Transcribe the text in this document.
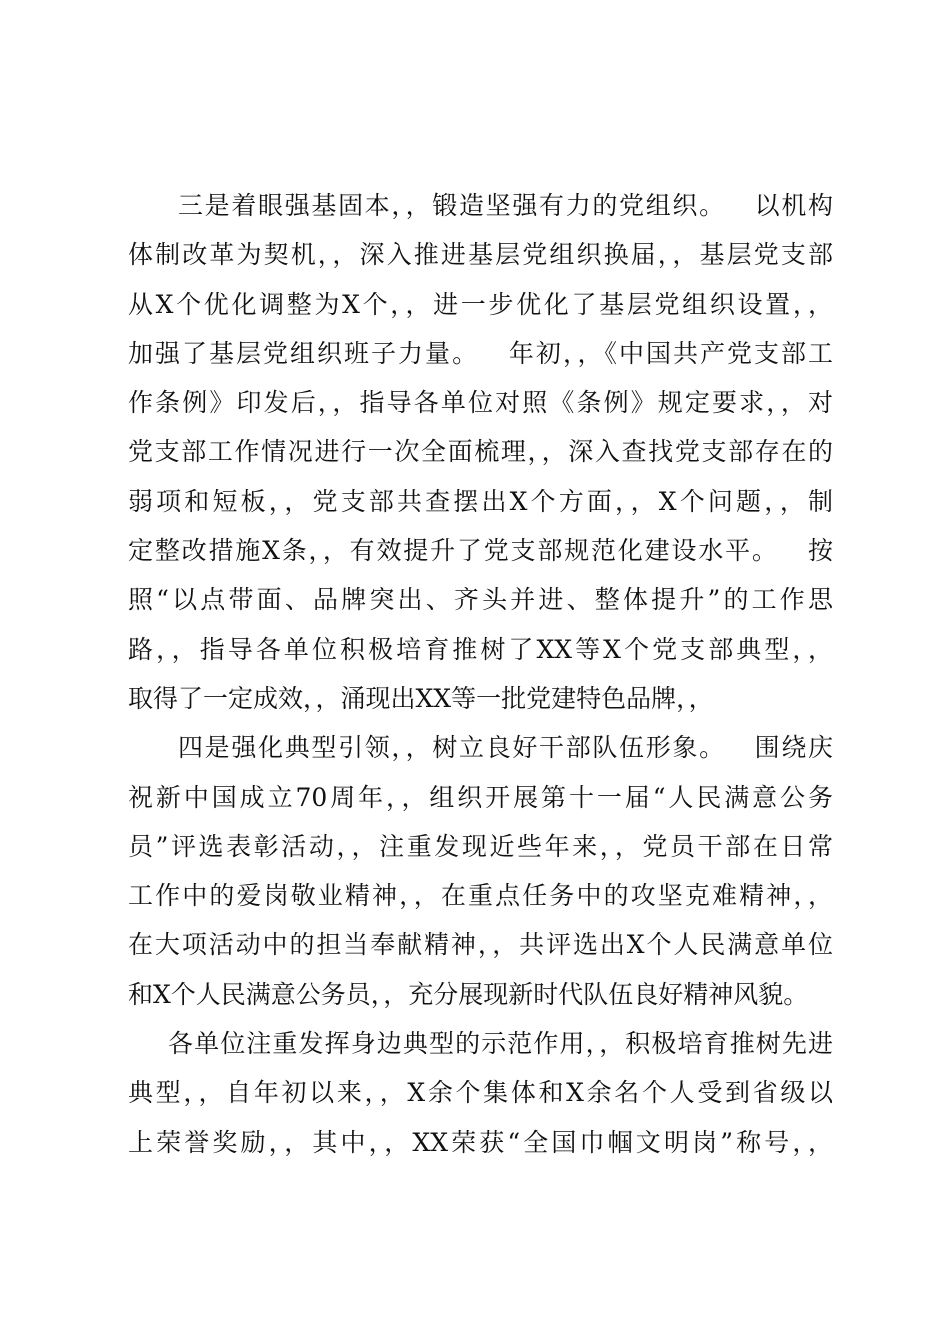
三是着眼强基固本，，锻造坚强有力的党组织。   以机构
体制改革为契机，，深入推进基层党组织换届，，基层党支部
从X个优化调整为X个，，进一步优化了基层党组织设置，，
加强了基层党组织班子力量。   年初，，《中国共产党支部工
作条例》印发后，，指导各单位对照《条例》规定要求，，对
党支部工作情况进行一次全面梳理，，深入查找党支部存在的
弱项和短板，，党支部共查摆出X个方面，，X个问题，，制
定整改措施X条，，有效提升了党支部规范化建设水平。   按
照“以点带面、品牌突出、齐头并进、整体提升”的工作思
路，，指导各单位积极培育推树了XX等X个党支部典型，，
取得了一定成效，，涌现出XX等一批党建特色品牌，，
四是强化典型引领，，树立良好干部队伍形象。   围绕庆
祝新中国成立70周年，，组织开展第十一届“人民满意公务
员”评选表彰活动，，注重发现近些年来，，党员干部在日常
工作中的爱岗敬业精神，，在重点任务中的攻坚克难精神，，
在大项活动中的担当奉献精神，，共评选出X个人民满意单位
和X个人民满意公务员，，充分展现新时代队伍良好精神风貌。
各单位注重发挥身边典型的示范作用，，积极培育推树先进
典型，，自年初以来，，X余个集体和X余名个人受到省级以
上荣誉奖励，，其中，，XX荣获“全国巾帼文明岗”称号，，
